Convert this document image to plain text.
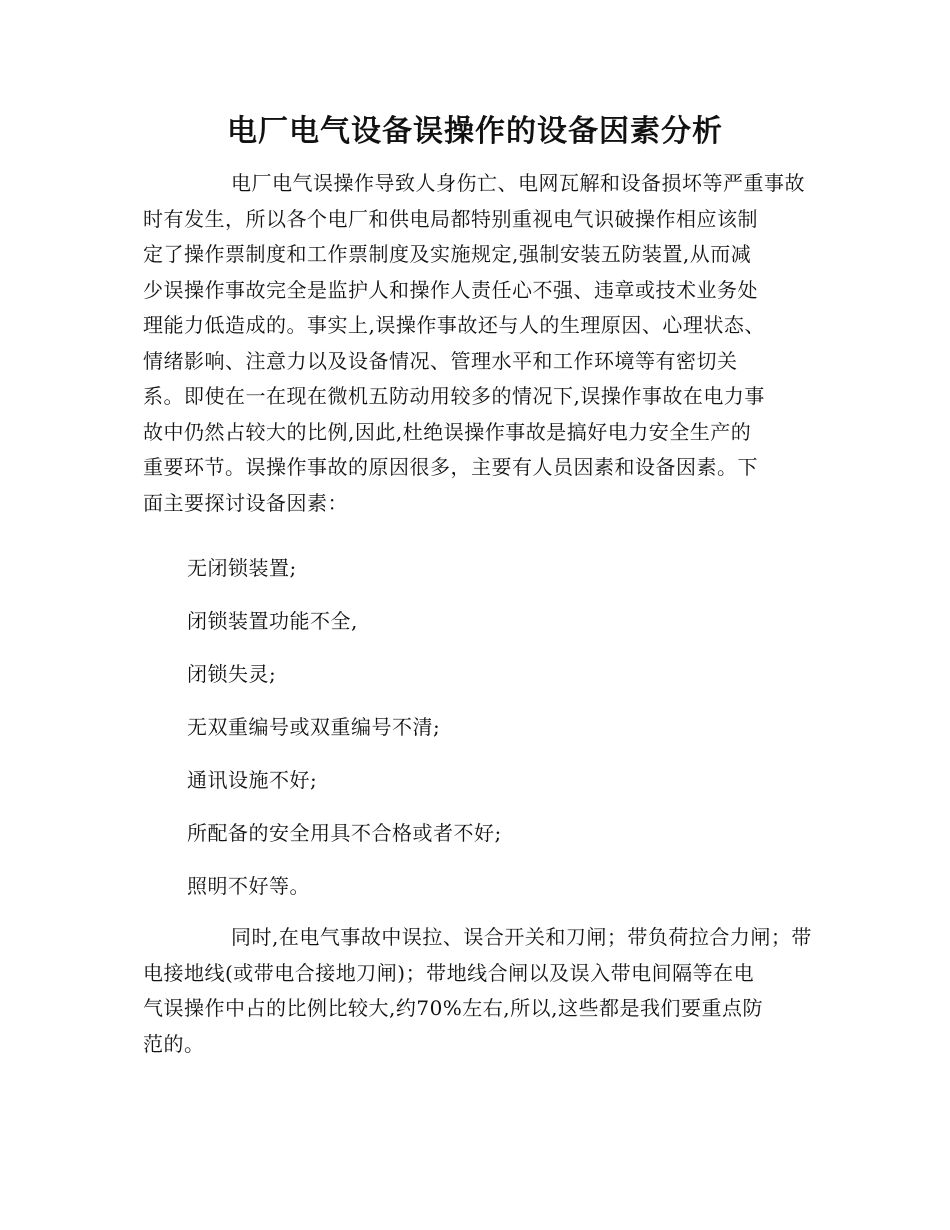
电厂电气设备误操作的设备因素分析

电厂电气误操作导致人身伤亡、电网瓦解和设备损坏等严重事故
时有发生，所以各个电厂和供电局都特别重视电气识破操作相应该制
定了操作票制度和工作票制度及实施规定,强制安装五防装置,从而减
少误操作事故完全是监护人和操作人责任心不强、违章或技术业务处
理能力低造成的。事实上,误操作事故还与人的生理原因、心理状态、
情绪影响、注意力以及设备情况、管理水平和工作环境等有密切关
系。即使在一在现在微机五防动用较多的情况下,误操作事故在电力事
故中仍然占较大的比例,因此,杜绝误操作事故是搞好电力安全生产的
重要环节。误操作事故的原因很多，主要有人员因素和设备因素。下
面主要探讨设备因素：

无闭锁装置;

闭锁装置功能不全,

闭锁失灵;

无双重编号或双重编号不清;

通讯设施不好;

所配备的安全用具不合格或者不好;

照明不好等。

同时,在电气事故中误拉、误合开关和刀闸；带负荷拉合力闸；带
电接地线(或带电合接地刀闸)；带地线合闸以及误入带电间隔等在电
气误操作中占的比例比较大,约70%左右,所以,这些都是我们要重点防
范的。
